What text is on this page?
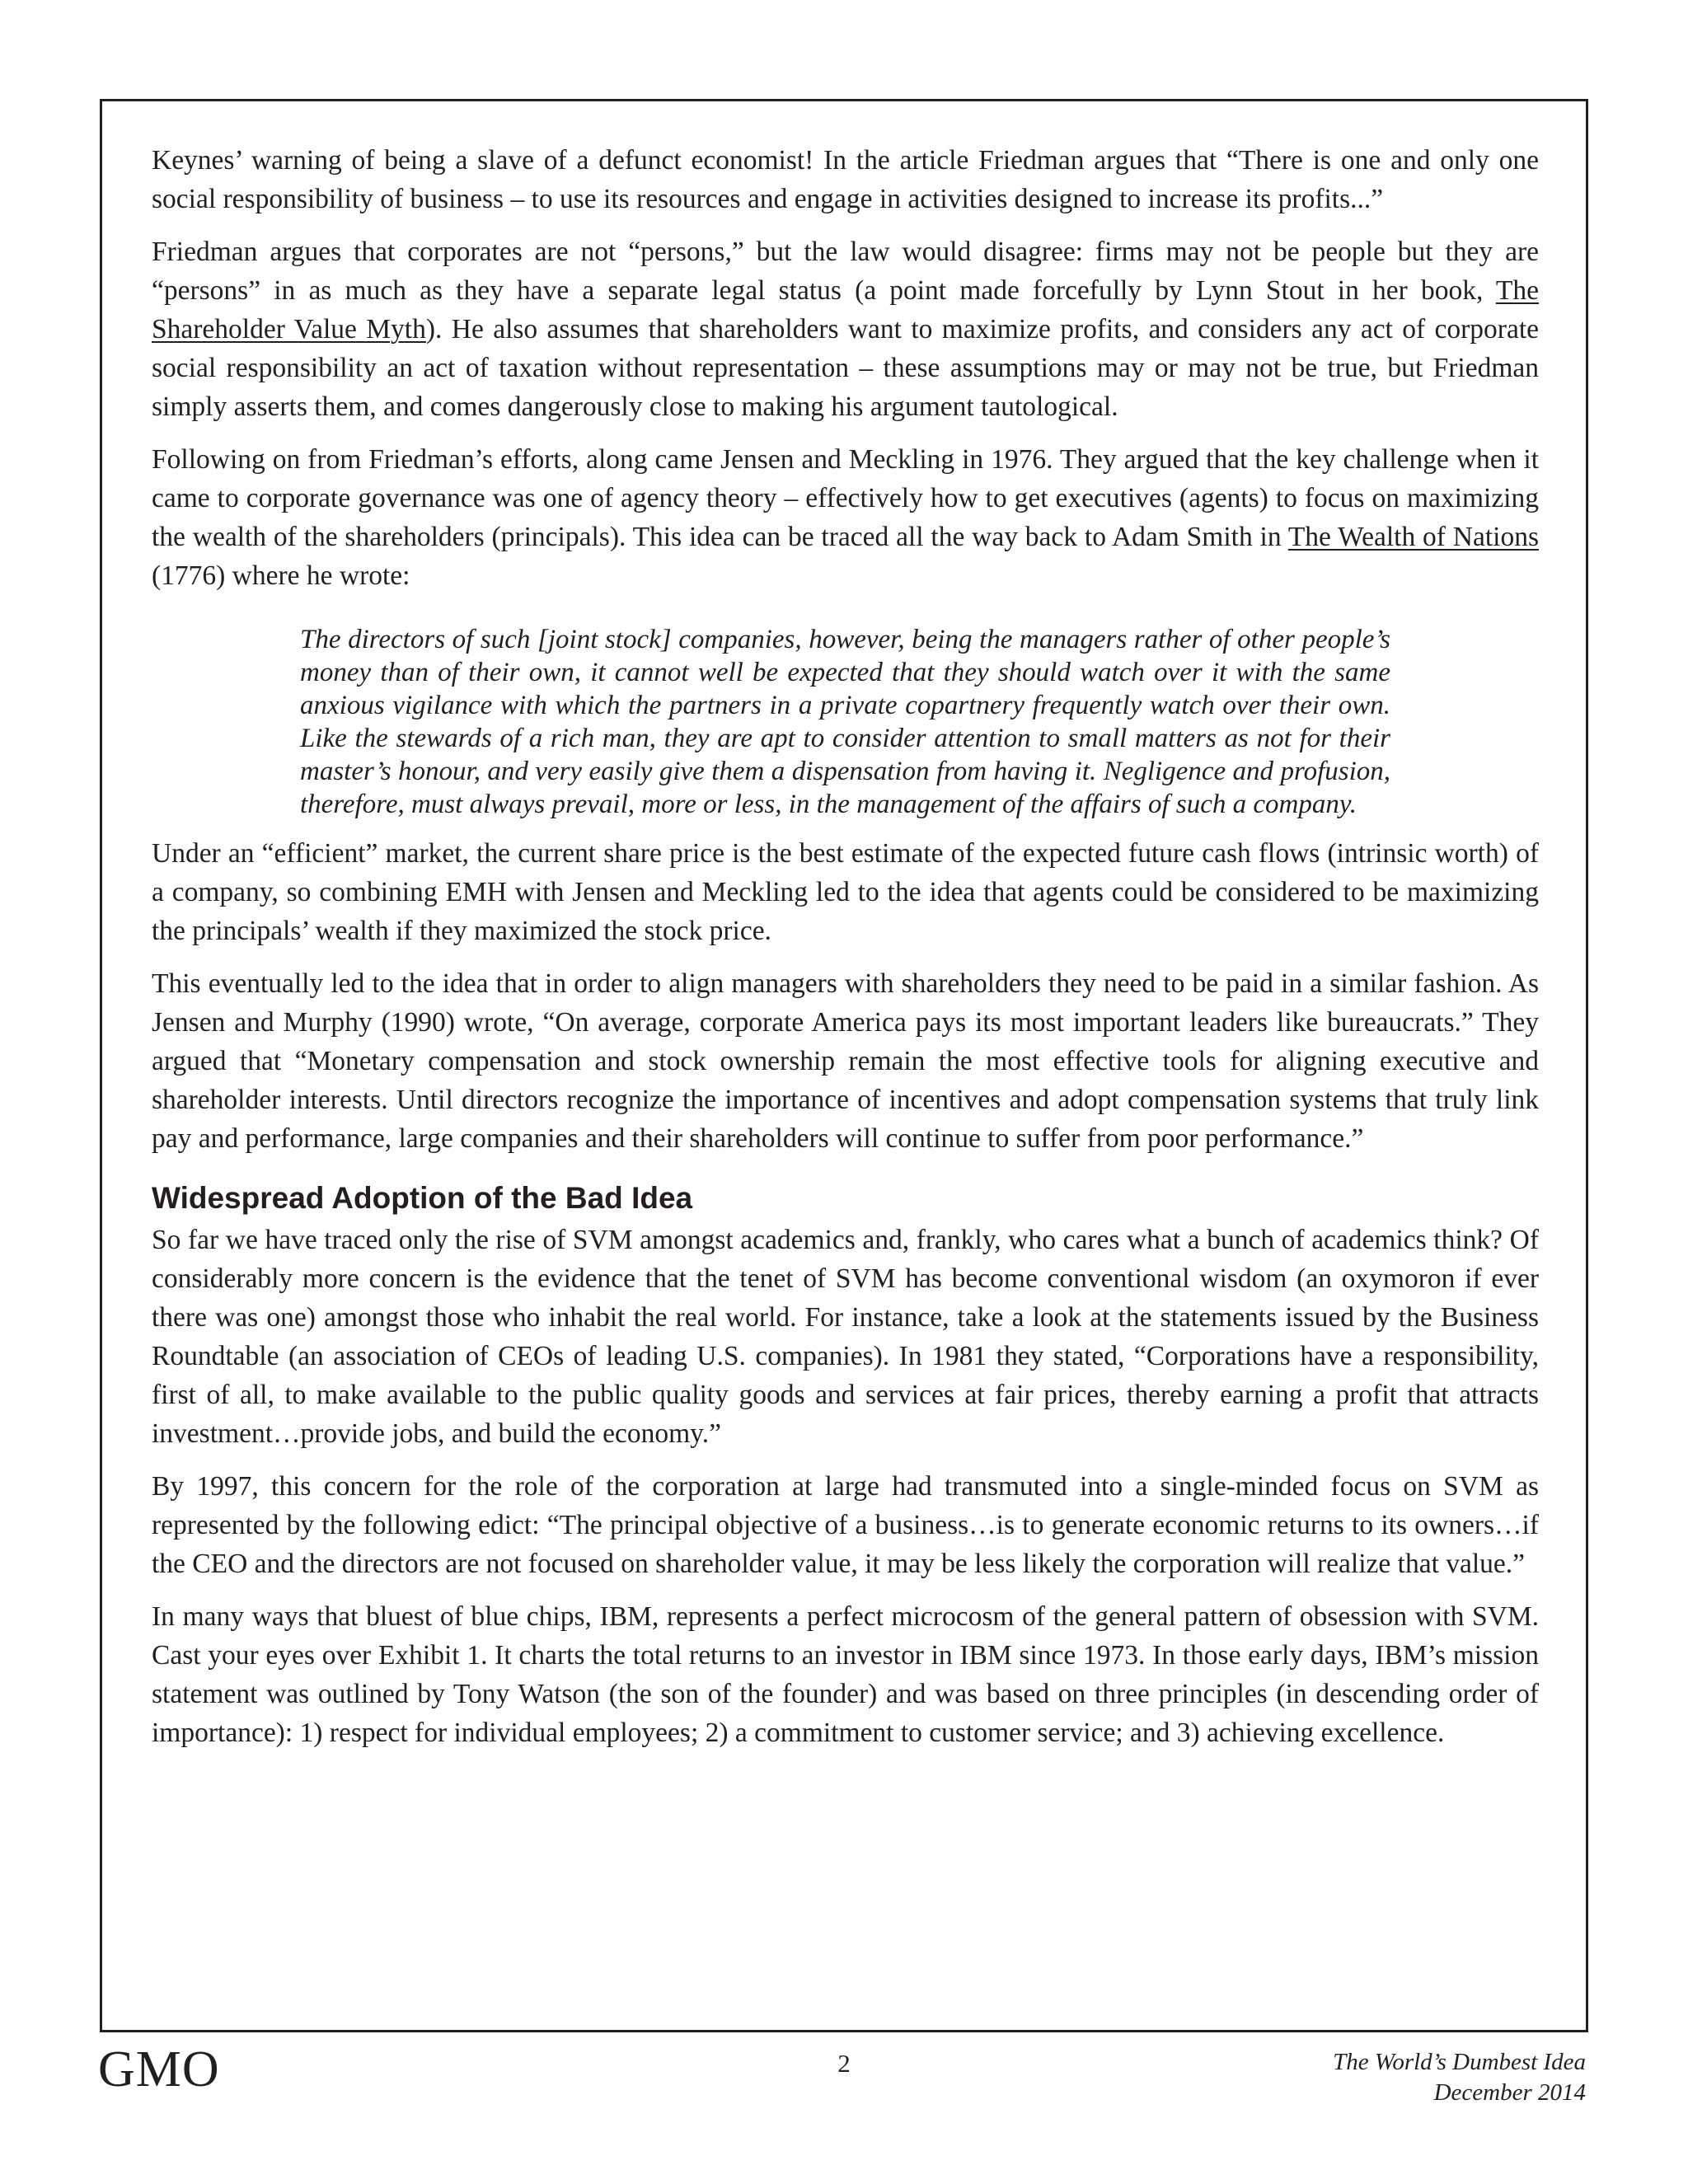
Keynes’ warning of being a slave of a defunct economist! In the article Friedman argues that “There is one and only one social responsibility of business – to use its resources and engage in activities designed to increase its profits...”

Friedman argues that corporates are not “persons,” but the law would disagree: firms may not be people but they are “persons” in as much as they have a separate legal status (a point made forcefully by Lynn Stout in her book, The Shareholder Value Myth). He also assumes that shareholders want to maximize profits, and considers any act of corporate social responsibility an act of taxation without representation – these assumptions may or may not be true, but Friedman simply asserts them, and comes dangerously close to making his argument tautological.

Following on from Friedman’s efforts, along came Jensen and Meckling in 1976. They argued that the key challenge when it came to corporate governance was one of agency theory – effectively how to get executives (agents) to focus on maximizing the wealth of the shareholders (principals). This idea can be traced all the way back to Adam Smith in The Wealth of Nations (1776) where he wrote:

The directors of such [joint stock] companies, however, being the managers rather of other people’s money than of their own, it cannot well be expected that they should watch over it with the same anxious vigilance with which the partners in a private copartnery frequently watch over their own. Like the stewards of a rich man, they are apt to consider attention to small matters as not for their master’s honour, and very easily give them a dispensation from having it. Negligence and profusion, therefore, must always prevail, more or less, in the management of the affairs of such a company.

Under an “efficient” market, the current share price is the best estimate of the expected future cash flows (intrinsic worth) of a company, so combining EMH with Jensen and Meckling led to the idea that agents could be considered to be maximizing the principals’ wealth if they maximized the stock price.

This eventually led to the idea that in order to align managers with shareholders they need to be paid in a similar fashion. As Jensen and Murphy (1990) wrote, “On average, corporate America pays its most important leaders like bureaucrats.” They argued that “Monetary compensation and stock ownership remain the most effective tools for aligning executive and shareholder interests. Until directors recognize the importance of incentives and adopt compensation systems that truly link pay and performance, large companies and their shareholders will continue to suffer from poor performance.”

Widespread Adoption of the Bad Idea

So far we have traced only the rise of SVM amongst academics and, frankly, who cares what a bunch of academics think? Of considerably more concern is the evidence that the tenet of SVM has become conventional wisdom (an oxymoron if ever there was one) amongst those who inhabit the real world. For instance, take a look at the statements issued by the Business Roundtable (an association of CEOs of leading U.S. companies). In 1981 they stated, “Corporations have a responsibility, first of all, to make available to the public quality goods and services at fair prices, thereby earning a profit that attracts investment…provide jobs, and build the economy.”

By 1997, this concern for the role of the corporation at large had transmuted into a single-minded focus on SVM as represented by the following edict: “The principal objective of a business…is to generate economic returns to its owners…if the CEO and the directors are not focused on shareholder value, it may be less likely the corporation will realize that value.”

In many ways that bluest of blue chips, IBM, represents a perfect microcosm of the general pattern of obsession with SVM. Cast your eyes over Exhibit 1. It charts the total returns to an investor in IBM since 1973. In those early days, IBM’s mission statement was outlined by Tony Watson (the son of the founder) and was based on three principles (in descending order of importance): 1) respect for individual employees; 2) a commitment to customer service; and 3) achieving excellence.

GMO	2	The World’s Dumbest Idea
December 2014
